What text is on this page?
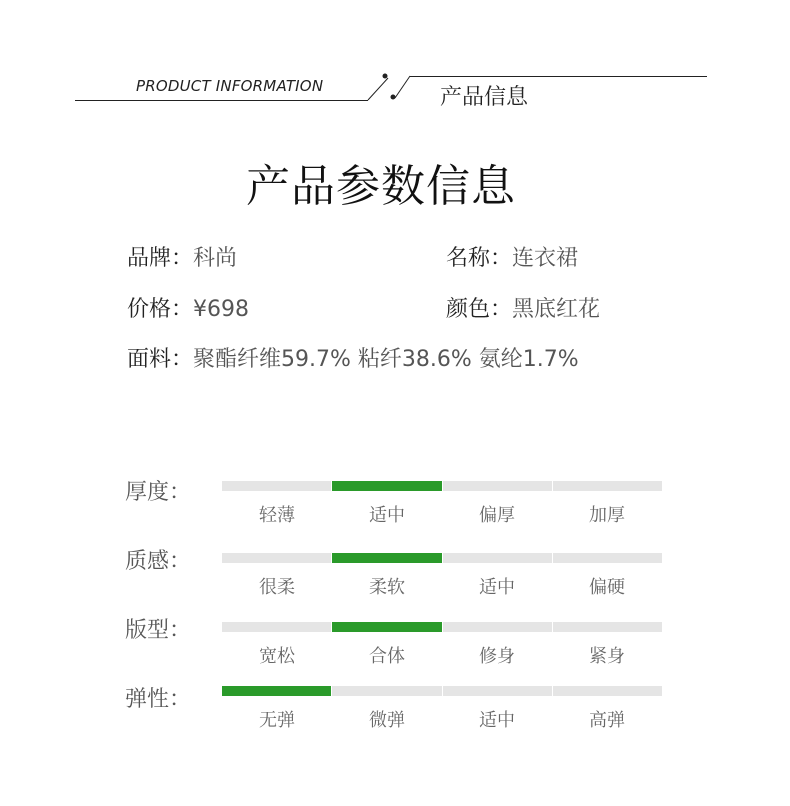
PRODUCT INFORMATION	产品信息
产品参数信息
品牌：科尚	名称：连衣裙
价格：¥698	颜色：黑底红花
面料：聚酯纤维59.7% 粘纤38.6% 氨纶1.7%
厚度：
轻薄	适中	偏厚	加厚
质感：
很柔	柔软	适中	偏硬
版型：
宽松	合体	修身	紧身
弹性：
无弹	微弹	适中	高弹
